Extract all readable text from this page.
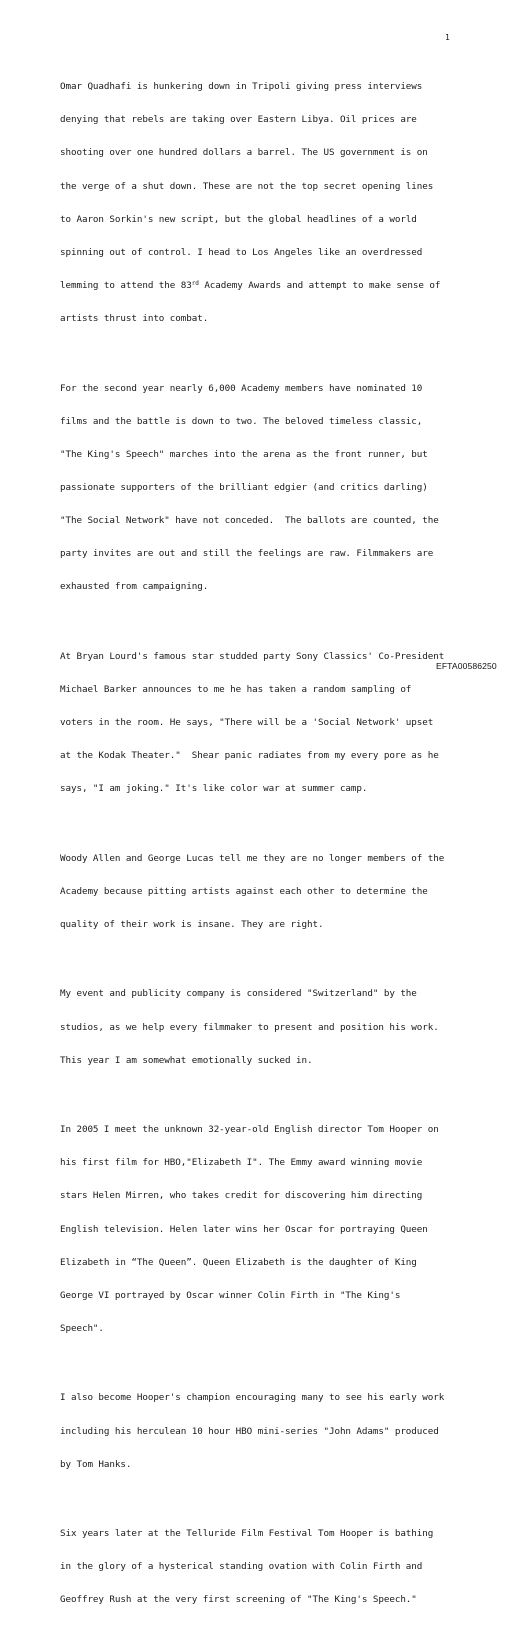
1

Omar Quadhafi is hunkering down in Tripoli giving press interviews

denying that rebels are taking over Eastern Libya. Oil prices are

shooting over one hundred dollars a barrel. The US government is on

the verge of a shut down. These are not the top secret opening lines

to Aaron Sorkin's new script, but the global headlines of a world

spinning out of control. I head to Los Angeles like an overdressed

lemming to attend the 83rd Academy Awards and attempt to make sense of

artists thrust into combat.

For the second year nearly 6,000 Academy members have nominated 10

films and the battle is down to two. The beloved timeless classic,

"The King's Speech" marches into the arena as the front runner, but

passionate supporters of the brilliant edgier (and critics darling)

"The Social Network" have not conceded.  The ballots are counted, the

party invites are out and still the feelings are raw. Filmmakers are

exhausted from campaigning.

At Bryan Lourd's famous star studded party Sony Classics' Co-President

Michael Barker announces to me he has taken a random sampling of

voters in the room. He says, "There will be a 'Social Network' upset

at the Kodak Theater."  Shear panic radiates from my every pore as he

says, "I am joking." It's like color war at summer camp.

Woody Allen and George Lucas tell me they are no longer members of the

Academy because pitting artists against each other to determine the

quality of their work is insane. They are right.

My event and publicity company is considered "Switzerland" by the

studios, as we help every filmmaker to present and position his work.

This year I am somewhat emotionally sucked in.

In 2005 I meet the unknown 32-year-old English director Tom Hooper on

his first film for HBO,"Elizabeth I". The Emmy award winning movie

stars Helen Mirren, who takes credit for discovering him directing

English television. Helen later wins her Oscar for portraying Queen

Elizabeth in “The Queen”. Queen Elizabeth is the daughter of King

George VI portrayed by Oscar winner Colin Firth in "The King's

Speech".

I also become Hooper's champion encouraging many to see his early work

including his herculean 10 hour HBO mini-series "John Adams" produced

by Tom Hanks.

Six years later at the Telluride Film Festival Tom Hooper is bathing

in the glory of a hysterical standing ovation with Colin Firth and

Geoffrey Rush at the very first screening of "The King's Speech."

EFTA00586250
